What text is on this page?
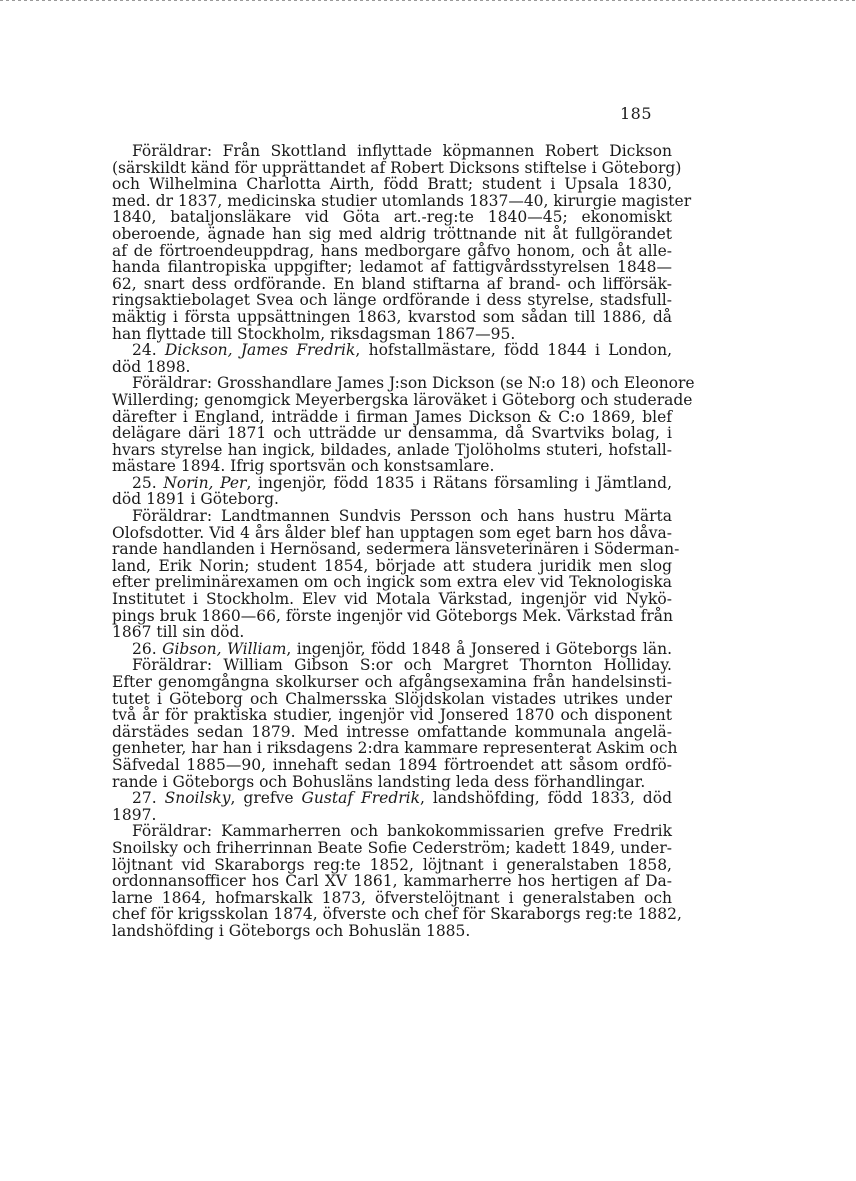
185
Föräldrar: Från Skottland inflyttade köpmannen Robert Dickson
(särskildt känd för upprättandet af Robert Dicksons stiftelse i Göteborg)
och Wilhelmina Charlotta Airth, född Bratt; student i Upsala 1830,
med. dr 1837, medicinska studier utomlands 1837—40, kirurgie magister
1840, bataljonsläkare vid Göta art.-reg:te 1840—45; ekonomiskt
oberoende, ägnade han sig med aldrig tröttnande nit åt fullgörandet
af de förtroendeuppdrag, hans medborgare gåfvo honom, och åt alle-
handa filantropiska uppgifter; ledamot af fattigvårdsstyrelsen 1848—
62, snart dess ordförande. En bland stiftarna af brand- och lifförsäk-
ringsaktiebolaget Svea och länge ordförande i dess styrelse, stadsfull-
mäktig i första uppsättningen 1863, kvarstod som sådan till 1886, då
han flyttade till Stockholm, riksdagsman 1867—95.
24. Dickson, James Fredrik, hofstallmästare, född 1844 i London,
död 1898.
Föräldrar: Grosshandlare James J:son Dickson (se N:o 18) och Eleonore
Willerding; genomgick Meyerbergska läroväket i Göteborg och studerade
därefter i England, inträdde i firman James Dickson & C:o 1869, blef
delägare däri 1871 och utträdde ur densamma, då Svartviks bolag, i
hvars styrelse han ingick, bildades, anlade Tjolöholms stuteri, hofstall-
mästare 1894. Ifrig sportsvän och konstsamlare.
25. Norin, Per, ingenjör, född 1835 i Rätans församling i Jämtland,
död 1891 i Göteborg.
Föräldrar: Landtmannen Sundvis Persson och hans hustru Märta
Olofsdotter. Vid 4 års ålder blef han upptagen som eget barn hos dåva-
rande handlanden i Hernösand, sedermera länsveterinären i Söderman-
land, Erik Norin; student 1854, började att studera juridik men slog
efter preliminärexamen om och ingick som extra elev vid Teknologiska
Institutet i Stockholm. Elev vid Motala Värkstad, ingenjör vid Nykö-
pings bruk 1860—66, förste ingenjör vid Göteborgs Mek. Värkstad från
1867 till sin död.
26. Gibson, William, ingenjör, född 1848 å Jonsered i Göteborgs län.
Föräldrar: William Gibson S:or och Margret Thornton Holliday.
Efter genomgångna skolkurser och afgångsexamina från handelsinsti-
tutet i Göteborg och Chalmersska Slöjdskolan vistades utrikes under
två år för praktiska studier, ingenjör vid Jonsered 1870 och disponent
därstädes sedan 1879. Med intresse omfattande kommunala angelä-
genheter, har han i riksdagens 2:dra kammare representerat Askim och
Säfvedal 1885—90, innehaft sedan 1894 förtroendet att såsom ordfö-
rande i Göteborgs och Bohusläns landsting leda dess förhandlingar.
27. Snoilsky, grefve Gustaf Fredrik, landshöfding, född 1833, död
1897.
Föräldrar: Kammarherren och bankokommissarien grefve Fredrik
Snoilsky och friherrinnan Beate Sofie Cederström; kadett 1849, under-
löjtnant vid Skaraborgs reg:te 1852, löjtnant i generalstaben 1858,
ordonnansofficer hos Carl XV 1861, kammarherre hos hertigen af Da-
larne 1864, hofmarskalk 1873, öfverstelöjtnant i generalstaben och
chef för krigsskolan 1874, öfverste och chef för Skaraborgs reg:te 1882,
landshöfding i Göteborgs och Bohuslän 1885.
